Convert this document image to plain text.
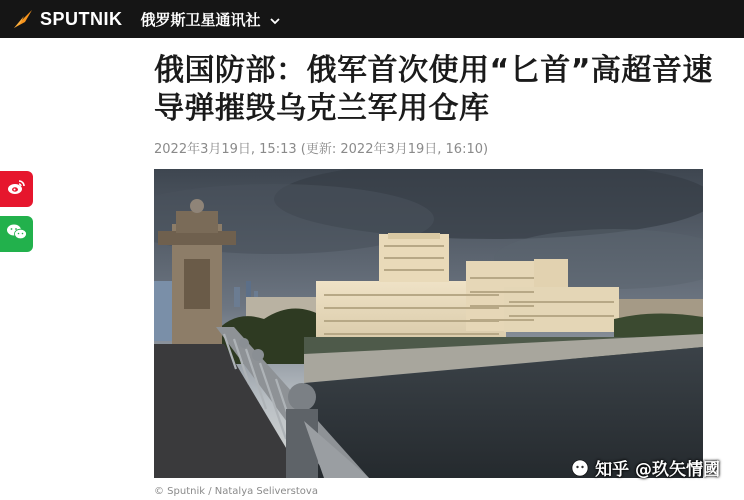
SPUTNIK 俄罗斯卫星通讯社
俄国防部：俄军首次使用“匕首”高超音速导弹摧毁乌克兰军用仓库
2022年3月19日, 15:13 (更新: 2022年3月19日, 16:10)
知乎 @玖矢情國
© Sputnik / Natalya Seliverstova
